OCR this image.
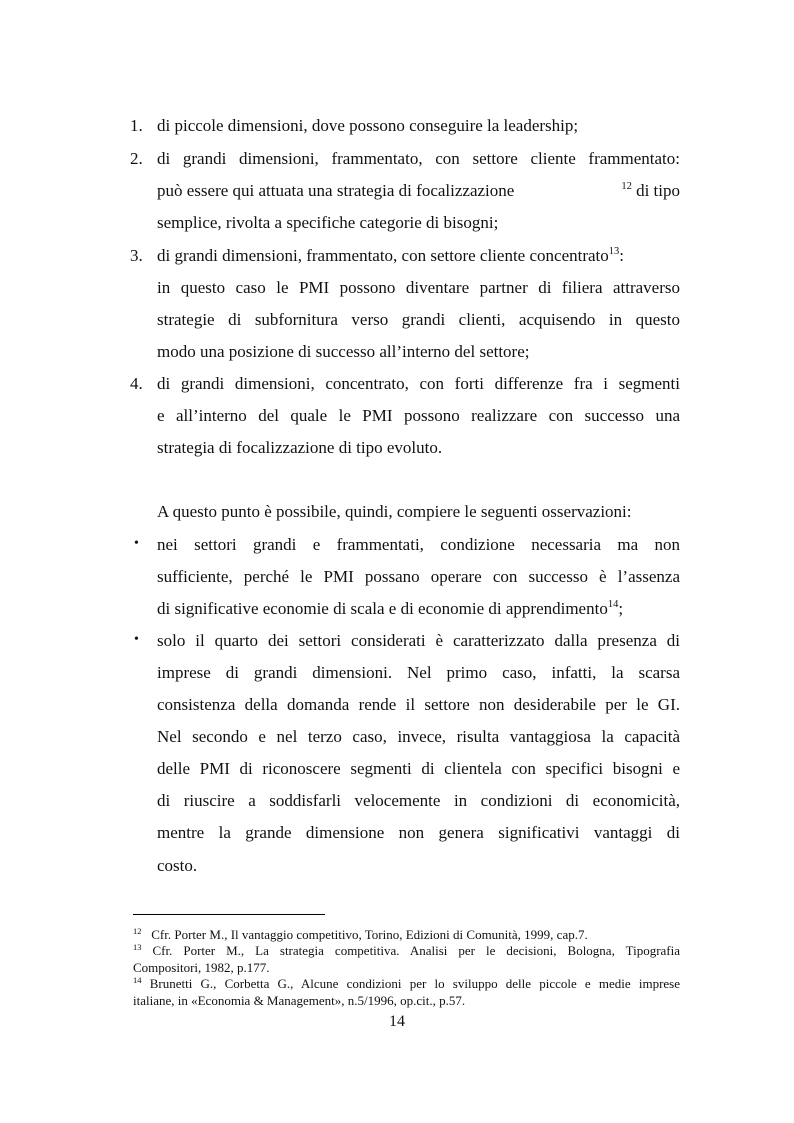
1. di piccole dimensioni, dove possono conseguire la leadership;
2. di grandi dimensioni, frammentato, con settore cliente frammentato:
può essere qui attuata una strategia di focalizzazione	$^{12}$ di tipo
semplice, rivolta a specifiche categorie di bisogni;
3. di grandi dimensioni, frammentato, con settore cliente concentrato$^{13}$:
in questo caso le PMI possono diventare partner di filiera attraverso
strategie di subfornitura verso grandi clienti, acquisendo in questo
modo una posizione di successo all’interno del settore;
4. di grandi dimensioni, concentrato, con forti differenze fra i segmenti
e all’interno del quale le PMI possono realizzare con successo una
strategia di focalizzazione di tipo evoluto.
A questo punto è possibile, quindi, compiere le seguenti osservazioni:
• nei settori grandi e frammentati, condizione necessaria ma non
sufficiente, perché le PMI possano operare con successo è l’assenza
di significative economie di scala e di economie di apprendimento$^{14}$;
• solo il quarto dei settori considerati è caratterizzato dalla presenza di
imprese di grandi dimensioni. Nel primo caso, infatti, la scarsa
consistenza della domanda rende il settore non desiderabile per le GI.
Nel secondo e nel terzo caso, invece, risulta vantaggiosa la capacità
delle PMI di riconoscere segmenti di clientela con specifici bisogni e
di riuscire a soddisfarli velocemente in condizioni di economicità,
mentre la grande dimensione non genera significativi vantaggi di
costo.
$^{12}$ Cfr. Porter M., Il vantaggio competitivo, Torino, Edizioni di Comunità, 1999, cap.7.
$^{13}$ Cfr. Porter M., La strategia competitiva. Analisi per le decisioni, Bologna, Tipografia
Compositori, 1982, p.177.
$^{14}$ Brunetti G., Corbetta G., Alcune condizioni per lo sviluppo delle piccole e medie imprese
italiane, in «Economia & Management», n.5/1996, op.cit., p.57.
14
